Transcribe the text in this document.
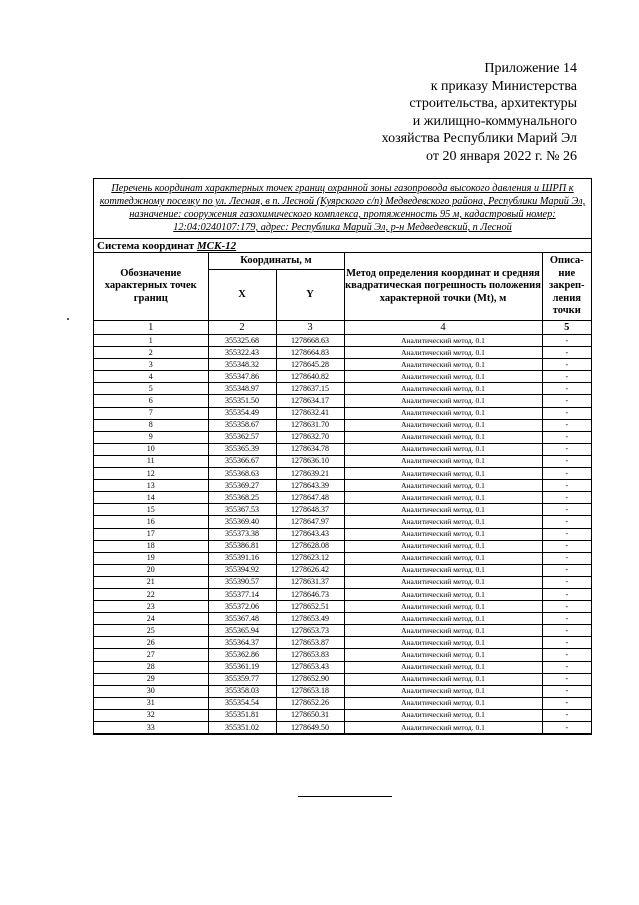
Приложение 14
к приказу Министерства
строительства, архитектуры
и жилищно-коммунального
хозяйства Республики Марий Эл
от 20 января 2022 г. № 26
Перечень координат характерных точек границ охранной зоны газопровода высокого давления и ШРП к коттеджному поселку по ул. Лесная, в п. Лесной (Куярского с/п) Медведевского района, Республики Марий Эл, назначение: сооружения газохимического комплекса, протяженность 95 м, кадастровый номер: 12:04:0240107:179, адрес: Республика Марий Эл, р-н Медведевский, п Лесной
Система координат МСК-12				
Обозначение характерных точек границ	Координаты, м		Метод определения координат и средняя квадратическая погрешность положения характерной точки (Mt), м	Описа-ние закреп-ления точки
	X	Y		
1	2	3	4	5
1	355325.68	1278668.63	Аналитический метод. 0.1	-
2	355322.43	1278664.83	Аналитический метод. 0.1	-
3	355348.32	1278645.28	Аналитический метод. 0.1	-
4	355347.86	1278640.82	Аналитический метод. 0.1	-
5	355348.97	1278637.15	Аналитический метод. 0.1	-
6	355351.50	1278634.17	Аналитический метод. 0.1	-
7	355354.49	1278632.41	Аналитический метод. 0.1	-
8	355358.67	1278631.70	Аналитический метод. 0.1	-
9	355362.57	1278632.70	Аналитический метод. 0.1	-
10	355365.39	1278634.78	Аналитический метод. 0.1	-
11	355366.67	1278636.10	Аналитический метод. 0.1	-
12	355368.63	1278639.21	Аналитический метод. 0.1	-
13	355369.27	1278643.39	Аналитический метод. 0.1	-
14	355368.25	1278647.48	Аналитический метод. 0.1	-
15	355367.53	1278648.37	Аналитический метод. 0.1	-
16	355369.40	1278647.97	Аналитический метод. 0.1	-
17	355373.38	1278643.43	Аналитический метод. 0.1	-
18	355386.81	1278628.08	Аналитический метод. 0.1	-
19	355391.16	1278623.12	Аналитический метод. 0.1	-
20	355394.92	1278626.42	Аналитический метод. 0.1	-
21	355390.57	1278631.37	Аналитический метод. 0.1	-
22	355377.14	1278646.73	Аналитический метод. 0.1	-
23	355372.06	1278652.51	Аналитический метод. 0.1	-
24	355367.48	1278653.49	Аналитический метод. 0.1	-
25	355365.94	1278653.73	Аналитический метод. 0.1	-
26	355364.37	1278653.87	Аналитический метод. 0.1	-
27	355362.86	1278653.83	Аналитический метод. 0.1	-
28	355361.19	1278653.43	Аналитический метод. 0.1	-
29	355359.77	1278652.90	Аналитический метод. 0.1	-
30	355358.03	1278653.18	Аналитический метод. 0.1	-
31	355354.54	1278652.26	Аналитический метод. 0.1	-
32	355351.81	1278650.31	Аналитический метод. 0.1	-
33	355351.02	1278649.50	Аналитический метод. 0.1	-
